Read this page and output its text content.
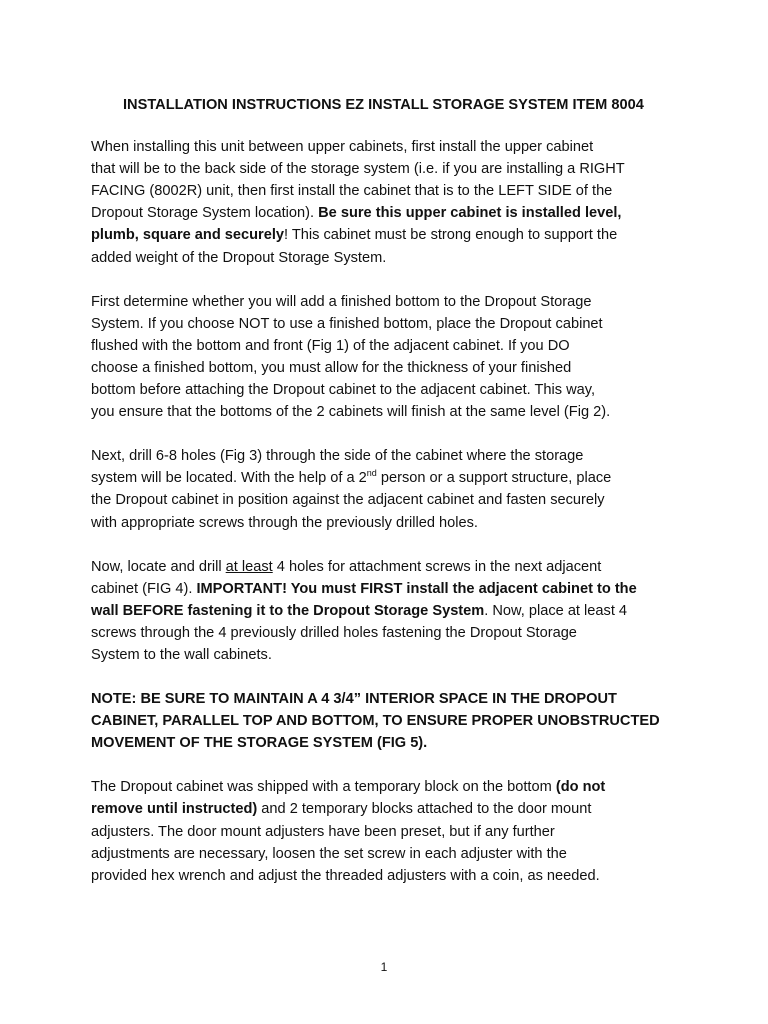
INSTALLATION INSTRUCTIONS EZ INSTALL STORAGE SYSTEM ITEM 8004
When installing this unit between upper cabinets, first install the upper cabinet
that will be to the back side of the storage system (i.e. if you are installing a RIGHT
FACING (8002R) unit, then first install the cabinet that is to the LEFT SIDE of the
Dropout Storage System location). Be sure this upper cabinet is installed level,
plumb, square and securely! This cabinet must be strong enough to support the
added weight of the Dropout Storage System.
First determine whether you will add a finished bottom to the Dropout Storage
System. If you choose NOT to use a finished bottom, place the Dropout cabinet
flushed with the bottom and front (Fig 1) of the adjacent cabinet. If you DO
choose a finished bottom, you must allow for the thickness of your finished
bottom before attaching the Dropout cabinet to the adjacent cabinet. This way,
you ensure that the bottoms of the 2 cabinets will finish at the same level (Fig 2).
Next, drill 6-8 holes (Fig 3) through the side of the cabinet where the storage
system will be located. With the help of a 2nd person or a support structure, place
the Dropout cabinet in position against the adjacent cabinet and fasten securely
with appropriate screws through the previously drilled holes.
Now, locate and drill at least 4 holes for attachment screws in the next adjacent
cabinet (FIG 4). IMPORTANT! You must FIRST install the adjacent cabinet to the
wall BEFORE fastening it to the Dropout Storage System. Now, place at least 4
screws through the 4 previously drilled holes fastening the Dropout Storage
System to the wall cabinets.
NOTE: BE SURE TO MAINTAIN A 4 3/4” INTERIOR SPACE IN THE DROPOUT
CABINET, PARALLEL TOP AND BOTTOM, TO ENSURE PROPER UNOBSTRUCTED
MOVEMENT OF THE STORAGE SYSTEM (FIG 5).
The Dropout cabinet was shipped with a temporary block on the bottom (do not
remove until instructed) and 2 temporary blocks attached to the door mount
adjusters. The door mount adjusters have been preset, but if any further
adjustments are necessary, loosen the set screw in each adjuster with the
provided hex wrench and adjust the threaded adjusters with a coin, as needed.
1
